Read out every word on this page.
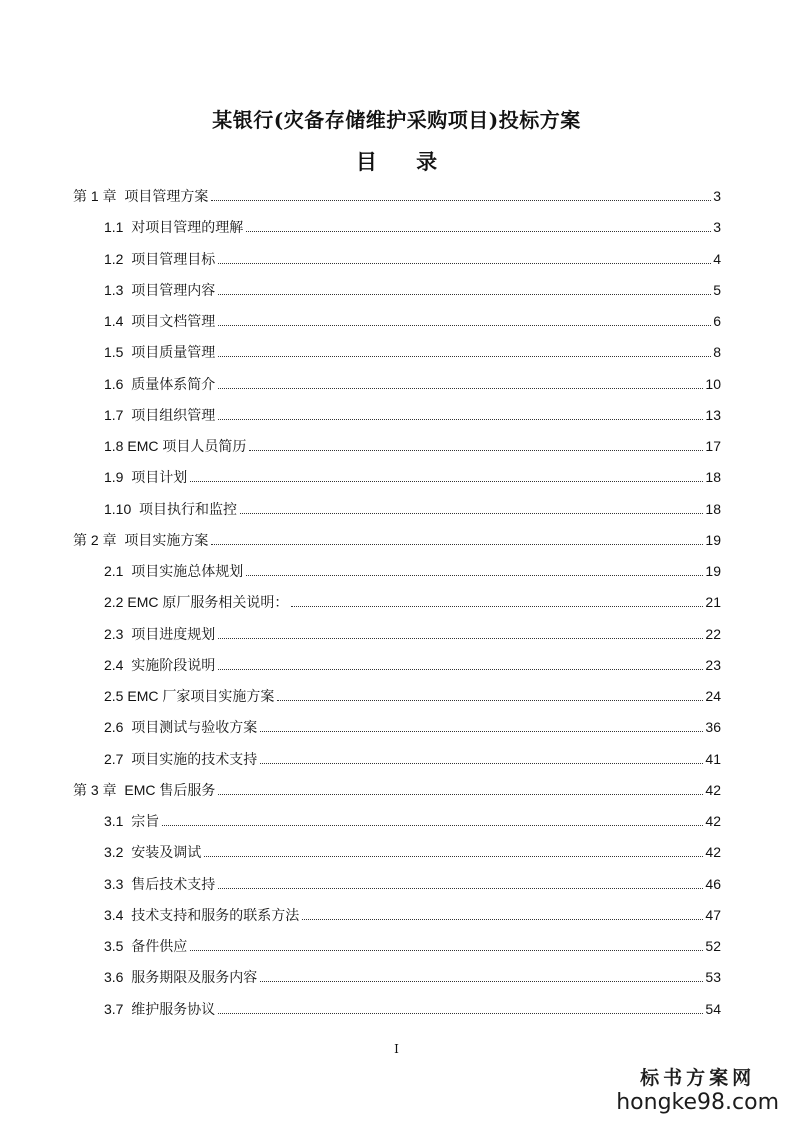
某银行(灾备存储维护采购项目)投标方案
目 录
第 1 章 项目管理方案	3
1.1 对项目管理的理解	3
1.2 项目管理目标	4
1.3 项目管理内容	5
1.4 项目文档管理	6
1.5 项目质量管理	8
1.6 质量体系简介	10
1.7 项目组织管理	13
1.8 EMC 项目人员简历	17
1.9 项目计划	18
1.10 项目执行和监控	18
第 2 章 项目实施方案	19
2.1 项目实施总体规划	19
2.2 EMC 原厂服务相关说明：	21
2.3 项目进度规划	22
2.4 实施阶段说明	23
2.5 EMC 厂家项目实施方案	24
2.6 项目测试与验收方案	36
2.7 项目实施的技术支持	41
第 3 章 EMC 售后服务	42
3.1 宗旨	42
3.2 安装及调试	42
3.3 售后技术支持	46
3.4 技术支持和服务的联系方法	47
3.5 备件供应	52
3.6 服务期限及服务内容	53
3.7 维护服务协议	54
I
标书方案网
hongke98.com
